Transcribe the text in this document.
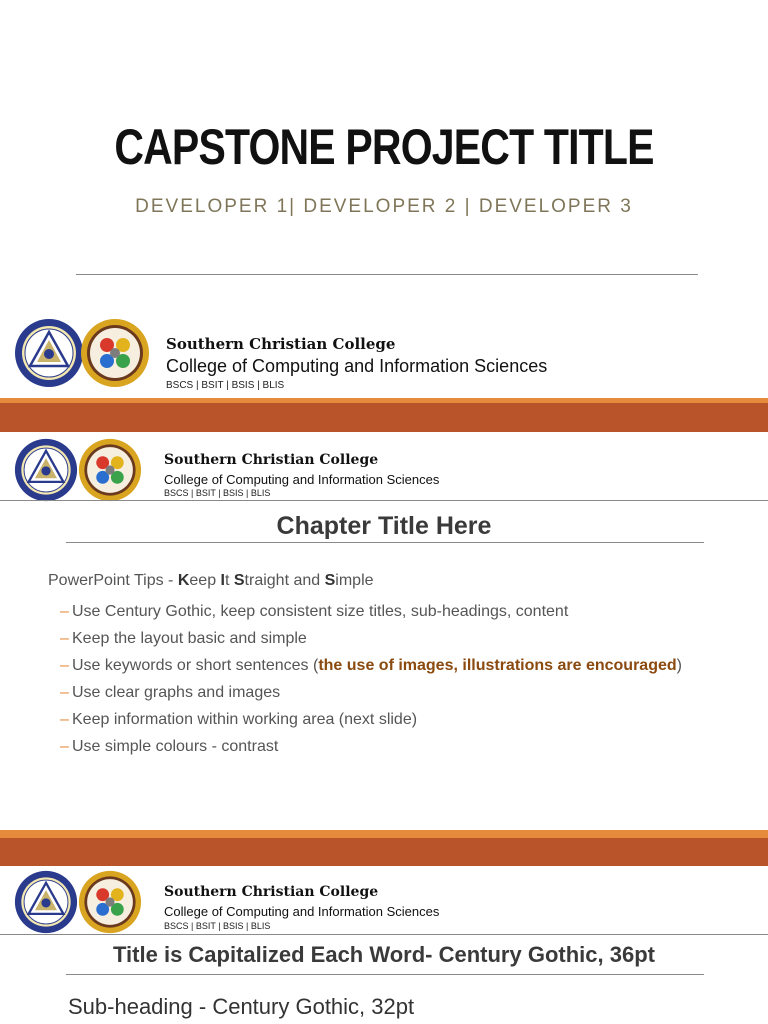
CAPSTONE PROJECT TITLE
DEVELOPER 1| DEVELOPER 2 | DEVELOPER 3
Southern Christian College
College of Computing and Information Sciences
BSCS | BSIT | BSIS | BLIS
Southern Christian College
College of Computing and Information Sciences
BSCS | BSIT | BSIS | BLIS
Chapter Title Here
PowerPoint Tips - Keep It Straight and Simple
– Use Century Gothic, keep consistent size titles, sub-headings, content
– Keep the layout basic and simple
– Use keywords or short sentences (the use of images, illustrations are encouraged)
– Use clear graphs and images
– Keep information within working area (next slide)
– Use simple colours - contrast
Southern Christian College
College of Computing and Information Sciences
BSCS | BSIT | BSIS | BLIS
Title is Capitalized Each Word- Century Gothic, 36pt
Sub-heading - Century Gothic, 32pt
